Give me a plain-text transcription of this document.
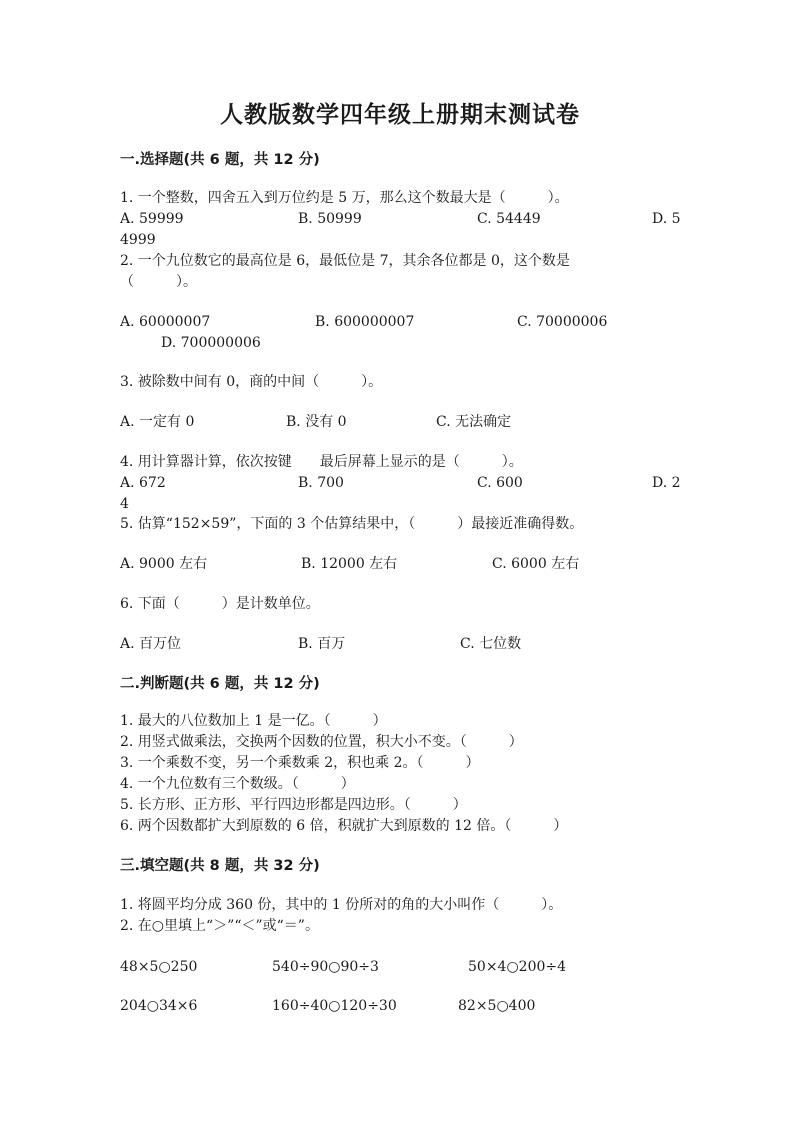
人教版数学四年级上册期末测试卷
一.选择题(共 6 题，共 12 分)
1. 一个整数，四舍五入到万位约是 5 万，那么这个数最大是（　　　）。
A. 59999	B. 50999	C. 54449	D. 5
4999
2. 一个九位数它的最高位是 6，最低位是 7，其余各位都是 0，这个数是
（　　　）。
A. 60000007	B. 600000007	C. 70000006
D. 700000006
3. 被除数中间有 0，商的中间（　　　）。
A. 一定有 0	B. 没有 0	C. 无法确定
4. 用计算器计算，依次按键　　最后屏幕上显示的是（　　　）。
A. 672	B. 700	C. 600	D. 2
4
5. 估算“152×59”，下面的 3 个估算结果中，（　　　）最接近准确得数。
A. 9000 左右	B. 12000 左右	C. 6000 左右
6. 下面（　　　）是计数单位。
A. 百万位	B. 百万	C. 七位数
二.判断题(共 6 题，共 12 分)
1. 最大的八位数加上 1 是一亿。（　　　）
2. 用竖式做乘法，交换两个因数的位置，积大小不变。（　　　）
3. 一个乘数不变，另一个乘数乘 2，积也乘 2。（　　　）
4. 一个九位数有三个数级。（　　　）
5. 长方形、正方形、平行四边形都是四边形。（　　　）
6. 两个因数都扩大到原数的 6 倍，积就扩大到原数的 12 倍。（　　　）
三.填空题(共 8 题，共 32 分)
1. 将圆平均分成 360 份，其中的 1 份所对的角的大小叫作（　　　）。
2. 在○里填上“＞”“＜”或“＝”。
48×5○250	540÷90○90÷3	50×4○200÷4
204○34×6	160÷40○120÷30	82×5○400
